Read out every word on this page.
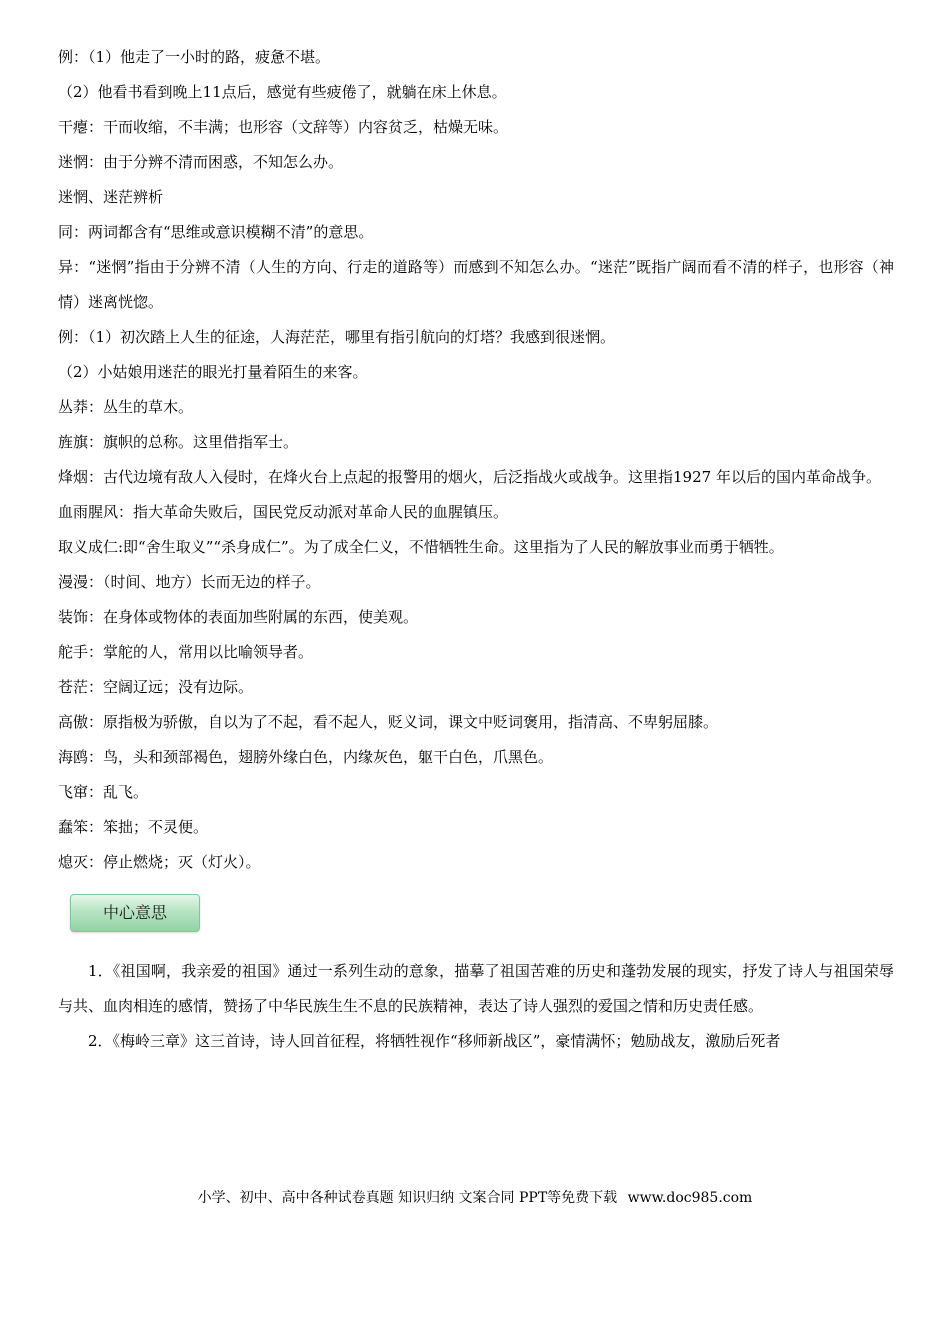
例：（1）他走了一小时的路，疲惫不堪。
（2）他看书看到晚上11点后，感觉有些疲倦了，就躺在床上休息。
干瘪：干而收缩，不丰满；也形容（文辞等）内容贫乏，枯燥无味。
迷惘：由于分辨不清而困惑，不知怎么办。
迷惘、迷茫辨析
同：两词都含有“思维或意识模糊不清”的意思。
异：“迷惘”指由于分辨不清（人生的方向、行走的道路等）而感到不知怎么办。“迷茫”既指广阔而看不清的样子，也形容（神情）迷离恍惚。
例：（1）初次踏上人生的征途，人海茫茫，哪里有指引航向的灯塔？我感到很迷惘。
（2）小姑娘用迷茫的眼光打量着陌生的来客。
丛莽：丛生的草木。
旌旗：旗帜的总称。这里借指军士。
烽烟：古代边境有敌人入侵时，在烽火台上点起的报警用的烟火，后泛指战火或战争。这里指1927 年以后的国内革命战争。
血雨腥风：指大革命失败后，国民党反动派对革命人民的血腥镇压。
取义成仁:即“舍生取义”“杀身成仁”。为了成全仁义，不惜牺牲生命。这里指为了人民的解放事业而勇于牺牲。
漫漫：（时间、地方）长而无边的样子。
装饰：在身体或物体的表面加些附属的东西，使美观。
舵手：掌舵的人，常用以比喻领导者。
苍茫：空阔辽远；没有边际。
高傲：原指极为骄傲，自以为了不起，看不起人，贬义词，课文中贬词褒用，指清高、不卑躬屈膝。
海鸥：鸟，头和颈部褐色，翅膀外缘白色，内缘灰色，躯干白色，爪黑色。
飞窜：乱飞。
蠢笨：笨拙；不灵便。
熄灭：停止燃烧；灭（灯火）。
中心意思
1．《祖国啊，我亲爱的祖国》通过一系列生动的意象，描摹了祖国苦难的历史和蓬勃发展的现实，抒发了诗人与祖国荣辱与共、血肉相连的感情，赞扬了中华民族生生不息的民族精神，表达了诗人强烈的爱国之情和历史责任感。
2．《梅岭三章》这三首诗，诗人回首征程，将牺牲视作“移师新战区”，豪情满怀；勉励战友，激励后死者
小学、初中、高中各种试卷真题 知识归纳 文案合同 PPT等免费下载 www.doc985.com
